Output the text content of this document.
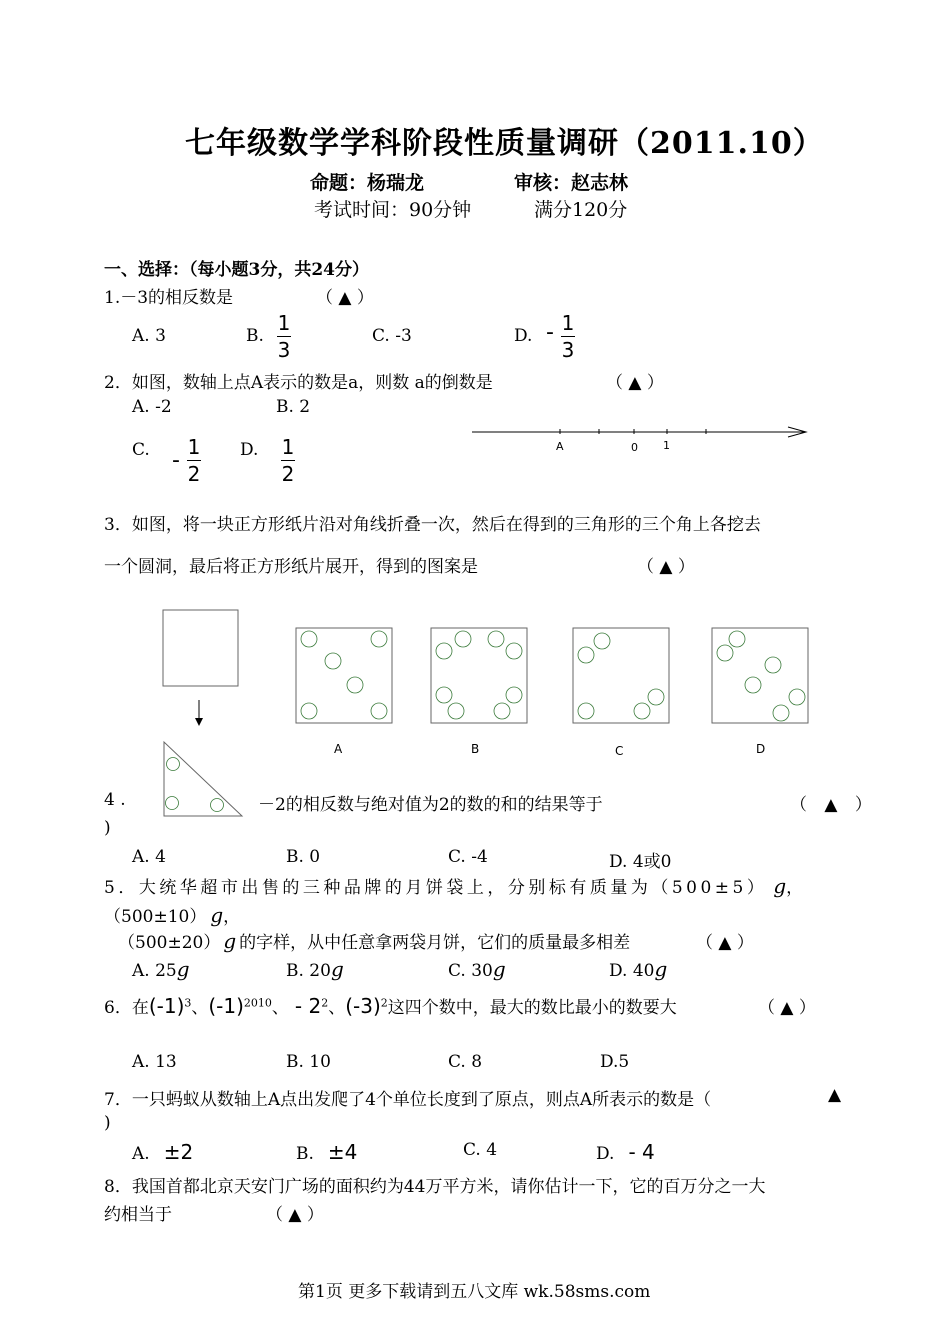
七年级数学学科阶段性质量调研（2011.10）
命题：杨瑞龙	审核：赵志林
考试时间：90分钟	满分120分
一、选择：（每小题3分，共24分）
1.－3的相反数是	（ ▲ ）
A. 3	B.
1
3
C. -3	D. - 1
3
2．如图，数轴上点A表示的数是a，则数 a的倒数是	（ ▲ ）
A. -2	B. 2
C. -
1
2
D. 1
2
A	0 1
3．如图，将一块正方形纸片沿对角线折叠一次，然后在得到的三角形的三个角上各挖去
一个圆洞，最后将正方形纸片展开，得到的图案是	（ ▲ ）
A	B	C	D
4 .	－2的相反数与绝对值为2的数的和的结果等于	（ ▲ ）
)
A. 4	B. 0	C. -4	D. 4或0
5．大统华超市出售的三种品牌的月饼袋上，分别标有质量为（500±5） g，
（500±10） g，
（500±20） g 的字样，从中任意拿两袋月饼，它们的质量最多相差	（ ▲ ）
A. 25g	B. 20g	C. 30g	D. 40g
6．在$(-1)^3$、$(-1)^{2010}$、 - $2^2$、$(-3)^2$这四个数中，最大的数比最小的数要大	（ ▲ ）
A. 13	B. 10	C. 8	D.5
7．一只蚂蚁从数轴上A点出发爬了4个单位长度到了原点，则点A所表示的数是（	▲
)
A. ±2	B. ±4	C. 4	D. - 4
8．我国首都北京天安门广场的面积约为44万平方米，请你估计一下，它的百万分之一大
约相当于	（ ▲ ）
第1页 更多下载请到五八文库 wk.58sms.com
